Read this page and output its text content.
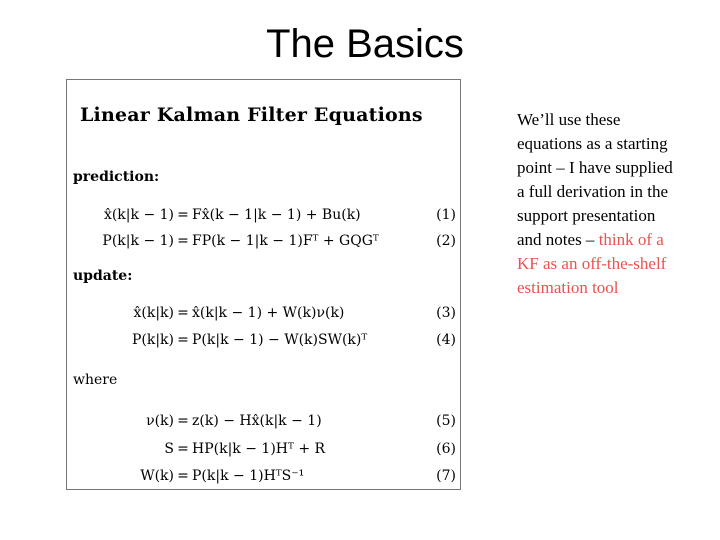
The Basics
Linear Kalman Filter Equations
prediction:
x̂(k|k − 1) = Fx̂(k − 1|k − 1) + Bu(k)	(1)
P(k|k − 1) = FP(k − 1|k − 1)Fᵀ + GQGᵀ	(2)
update:
x̂(k|k) = x̂(k|k − 1) + W(k)ν(k)	(3)
P(k|k) = P(k|k − 1) − W(k)SW(k)ᵀ	(4)
where
ν(k) = z(k) − Hx̂(k|k − 1)	(5)
S = HP(k|k − 1)Hᵀ + R	(6)
W(k) = P(k|k − 1)HᵀS⁻¹	(7)
We’ll use these equations as a starting point – I have supplied a full derivation in the support presentation and notes – think of a KF as an off-the-shelf estimation tool
